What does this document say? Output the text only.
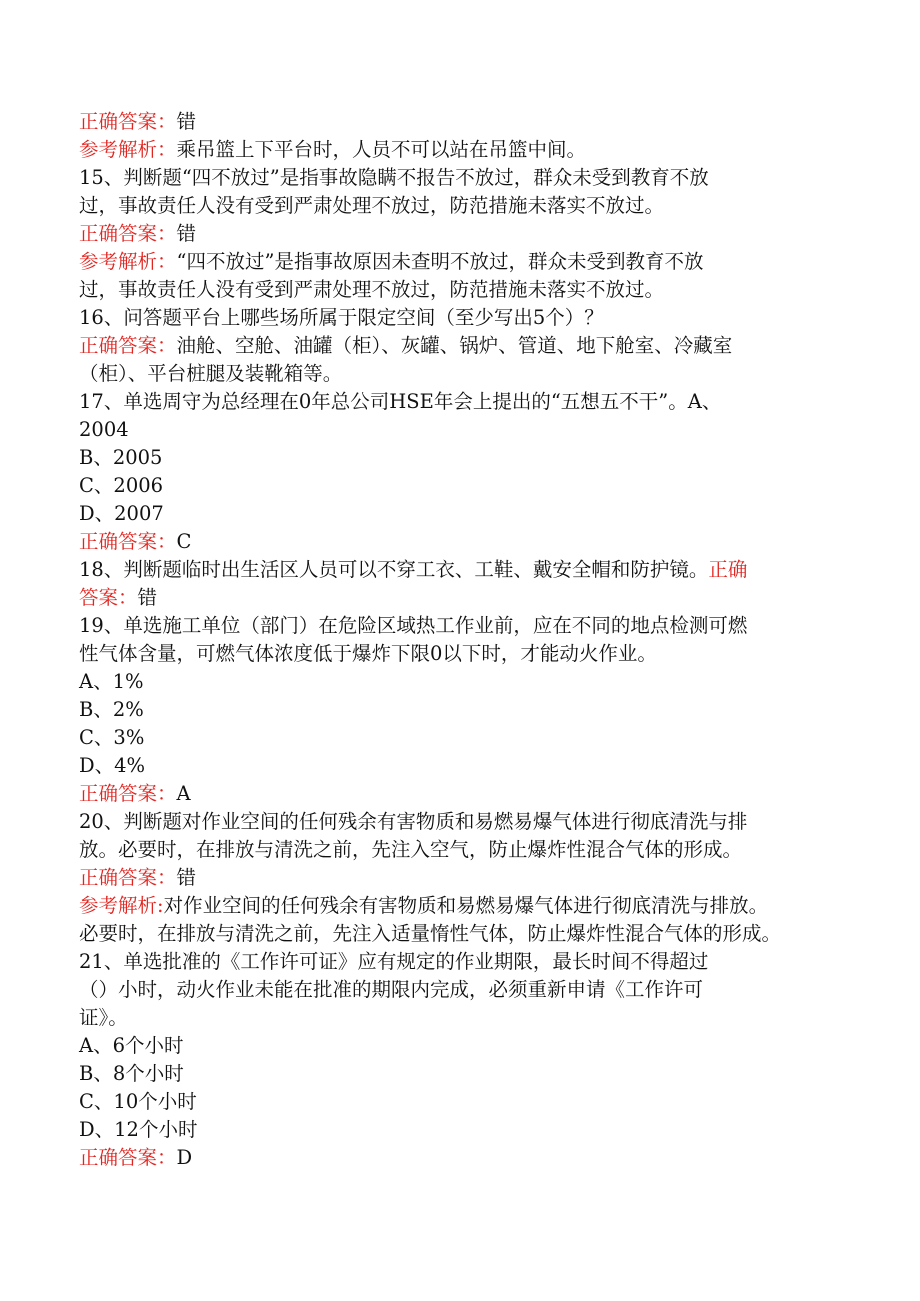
正确答案：错
参考解析：乘吊篮上下平台时，人员不可以站在吊篮中间。
15、判断题“四不放过”是指事故隐瞒不报告不放过，群众未受到教育不放
过，事故责任人没有受到严肃处理不放过，防范措施未落实不放过。
正确答案：错
参考解析：“四不放过”是指事故原因未查明不放过，群众未受到教育不放
过，事故责任人没有受到严肃处理不放过，防范措施未落实不放过。
16、问答题平台上哪些场所属于限定空间（至少写出5个）？
正确答案：油舱、空舱、油罐（柜）、灰罐、锅炉、管道、地下舱室、冷藏室
（柜）、平台桩腿及装靴箱等。
17、单选周守为总经理在0年总公司HSE年会上提出的“五想五不干”。A、
2004
B、2005
C、2006
D、2007
正确答案：C
18、判断题临时出生活区人员可以不穿工衣、工鞋、戴安全帽和防护镜。正确
答案：错
19、单选施工单位（部门）在危险区域热工作业前，应在不同的地点检测可燃
性气体含量，可燃气体浓度低于爆炸下限0以下时，才能动火作业。
A、1%
B、2%
C、3%
D、4%
正确答案：A
20、判断题对作业空间的任何残余有害物质和易燃易爆气体进行彻底清洗与排
放。必要时，在排放与清洗之前，先注入空气，防止爆炸性混合气体的形成。
正确答案：错
参考解析:对作业空间的任何残余有害物质和易燃易爆气体进行彻底清洗与排放。
必要时，在排放与清洗之前，先注入适量惰性气体，防止爆炸性混合气体的形成。
21、单选批准的《工作许可证》应有规定的作业期限，最长时间不得超过
（）小时，动火作业未能在批准的期限内完成，必须重新申请《工作许可
证》。
A、6个小时
B、8个小时
C、10个小时
D、12个小时
正确答案：D
